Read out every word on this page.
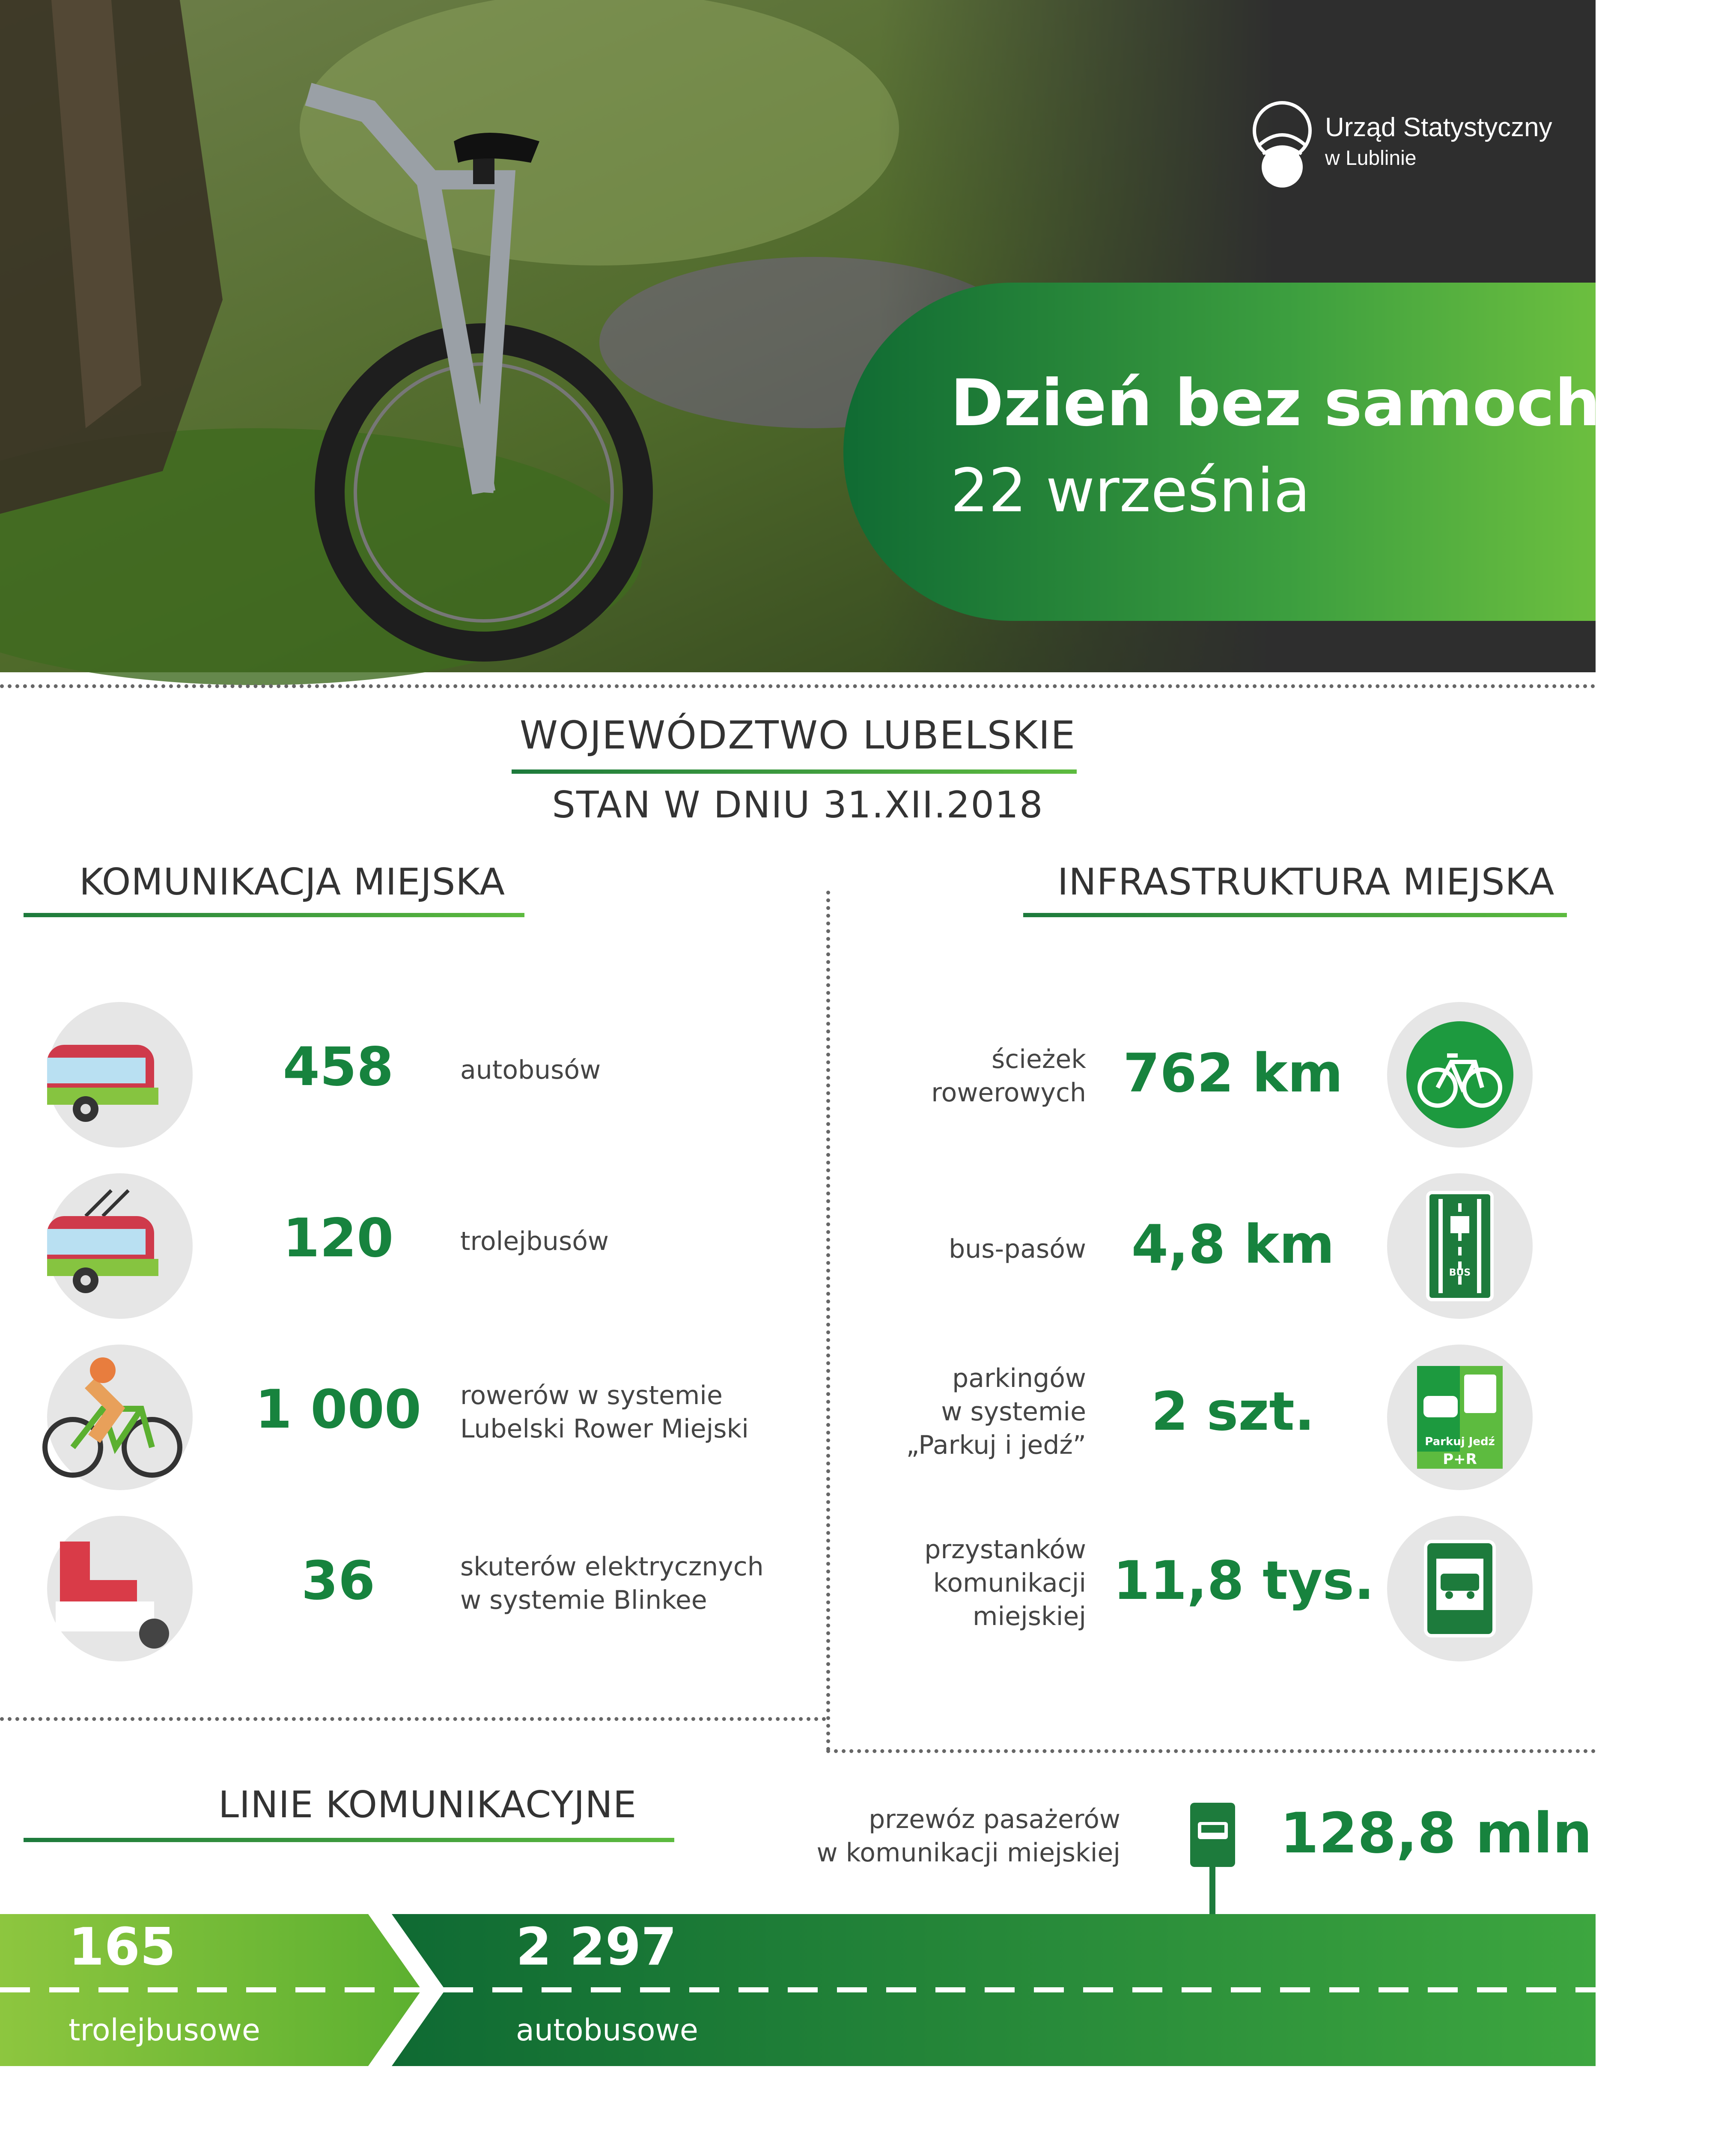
Urząd Statystyczny
w Lublinie
Dzień bez samochodu
22 września
WOJEWÓDZTWO LUBELSKIE
STAN W DNIU 31.XII.2018
KOMUNIKACJA MIEJSKA
458	autobusów
120	trolejbusów
1 000	rowerów w systemie
Lubelski Rower Miejski
36	skuterów elektrycznych
w systemie Blinkee
INFRASTRUKTURA MIEJSKA
ścieżek
rowerowych 762 km
bus-pasów 4,8 km	BUS
parkingów
w systemie
„Parkuj i jedź”
2 szt.	Parkuj Jedź
P+R
przystanków
komunikacji
miejskiej
11,8 tys.
LINIE KOMUNIKACYJNE	przewóz pasażerów
w komunikacji miejskiej	128,8 mln
165
trolejbusowe
2 297
autobusowe
